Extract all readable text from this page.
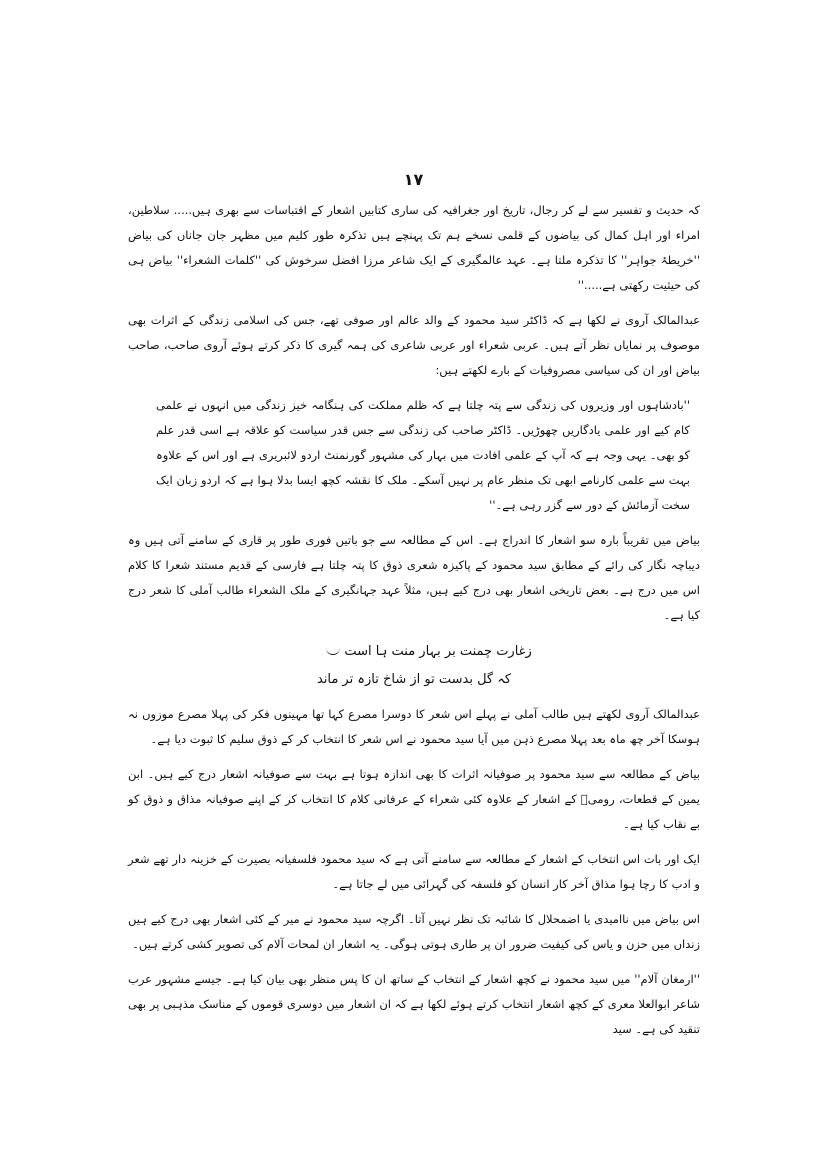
۱۷

کہ حدیث و تفسیر سے لے کر رجال، تاریخ اور جغرافیہ کی ساری کتابیں اشعار کے اقتباسات سے بھری ہیں..... سلاطین، امراء اور اہل کمال کی بیاضوں کے قلمی نسخے ہم تک پہنچے ہیں تذکرہ طور کلیم میں مظہر جان جاناں کی بیاض ''خریطۂ جواہر'' کا تذکرہ ملتا ہے۔ عہد عالمگیری کے ایک شاعر مرزا افضل سرخوش کی ''کلمات الشعراء'' بیاض ہی کی حیثیت رکھتی ہے.....''

عبدالمالک آروی نے لکھا ہے کہ ڈاکٹر سید محمود کے والد عالم اور صوفی تھے، جس کی اسلامی زندگی کے اثرات بھی موصوف پر نمایاں نظر آتے ہیں۔ عربی شعراء اور عربی شاعری کی ہمہ گیری کا ذکر کرتے ہوئے آروی صاحب، صاحب بیاض اور ان کی سیاسی مصروفیات کے بارے لکھتے ہیں:

''بادشاہوں اور وزیروں کی زندگی سے پتہ چلتا ہے کہ ظلم مملکت کی ہنگامہ خیز زندگی میں انہوں نے علمی کام کیے اور علمی یادگاریں چھوڑیں۔ ڈاکٹر صاحب کی زندگی سے جس قدر سیاست کو علاقہ ہے اسی قدر علم کو بھی۔ یہی وجہ ہے کہ آپ کے علمی افادت میں بہار کی مشہور گورنمنٹ اردو لائبریری ہے اور اس کے علاوہ بہت سے علمی کارنامے ابھی تک منظر عام پر نہیں آسکے۔ ملک کا نقشہ کچھ ایسا بدلا ہوا ہے کہ اردو زبان ایک سخت آزمائش کے دور سے گزر رہی ہے۔''

بیاض میں تقریباً بارہ سو اشعار کا اندراج ہے۔ اس کے مطالعہ سے جو باتیں فوری طور پر قاری کے سامنے آتی ہیں وہ دیباچہ نگار کی رائے کے مطابق سید محمود کے پاکیزہ شعری ذوق کا پتہ چلتا ہے فارسی کے قدیم مستند شعرا کا کلام اس میں درج ہے۔ بعض تاریخی اشعار بھی درج کیے ہیں، مثلاً عہد جہانگیری کے ملک الشعراء طالب آملی کا شعر درج کیا ہے۔

زغارت چمنت بر بہار منت ہا است
کہ گل بدست تو از شاخ تازہ تر ماند

عبدالمالک آروی لکھتے ہیں طالب آملی نے پہلے اس شعر کا دوسرا مصرع کہا تھا مہینوں فکر کی پہلا مصرع موزوں نہ ہوسکا آخر چھ ماہ بعد پہلا مصرع ذہن میں آیا سید محمود نے اس شعر کا انتخاب کر کے ذوق سلیم کا ثبوت دیا ہے۔

بیاض کے مطالعہ سے سید محمود پر صوفیانہ اثرات کا بھی اندازہ ہوتا ہے بہت سے صوفیانہ اشعار درج کیے ہیں۔ ابن یمین کے قطعات، رومیؒ کے اشعار کے علاوہ کئی شعراء کے عرفانی کلام کا انتخاب کر کے اپنے صوفیانہ مذاق و ذوق کو بے نقاب کیا ہے۔

ایک اور بات اس انتخاب کے اشعار کے مطالعہ سے سامنے آتی ہے کہ سید محمود فلسفیانہ بصیرت کے خزینہ دار تھے شعر و ادب کا رچا ہوا مذاق آخر کار انسان کو فلسفہ کی گہرائی میں لے جاتا ہے۔

اس بیاض میں ناامیدی یا اضمحلال کا شائبہ تک نظر نہیں آتا۔ اگرچہ سید محمود نے میر کے کئی اشعار بھی درج کیے ہیں زنداں میں حزن و یاس کی کیفیت ضرور ان پر طاری ہوتی ہوگی۔ یہ اشعار ان لمحات آلام کی تصویر کشی کرتے ہیں۔

''ارمغان آلام'' میں سید محمود نے کچھ اشعار کے انتخاب کے ساتھ ان کا پس منظر بھی بیان کیا ہے۔ جیسے مشہور عرب شاعر ابوالعلا معری کے کچھ اشعار انتخاب کرتے ہوئے لکھا ہے کہ ان اشعار میں دوسری قوموں کے مناسک مذہبی پر بھی تنقید کی ہے۔ سید
